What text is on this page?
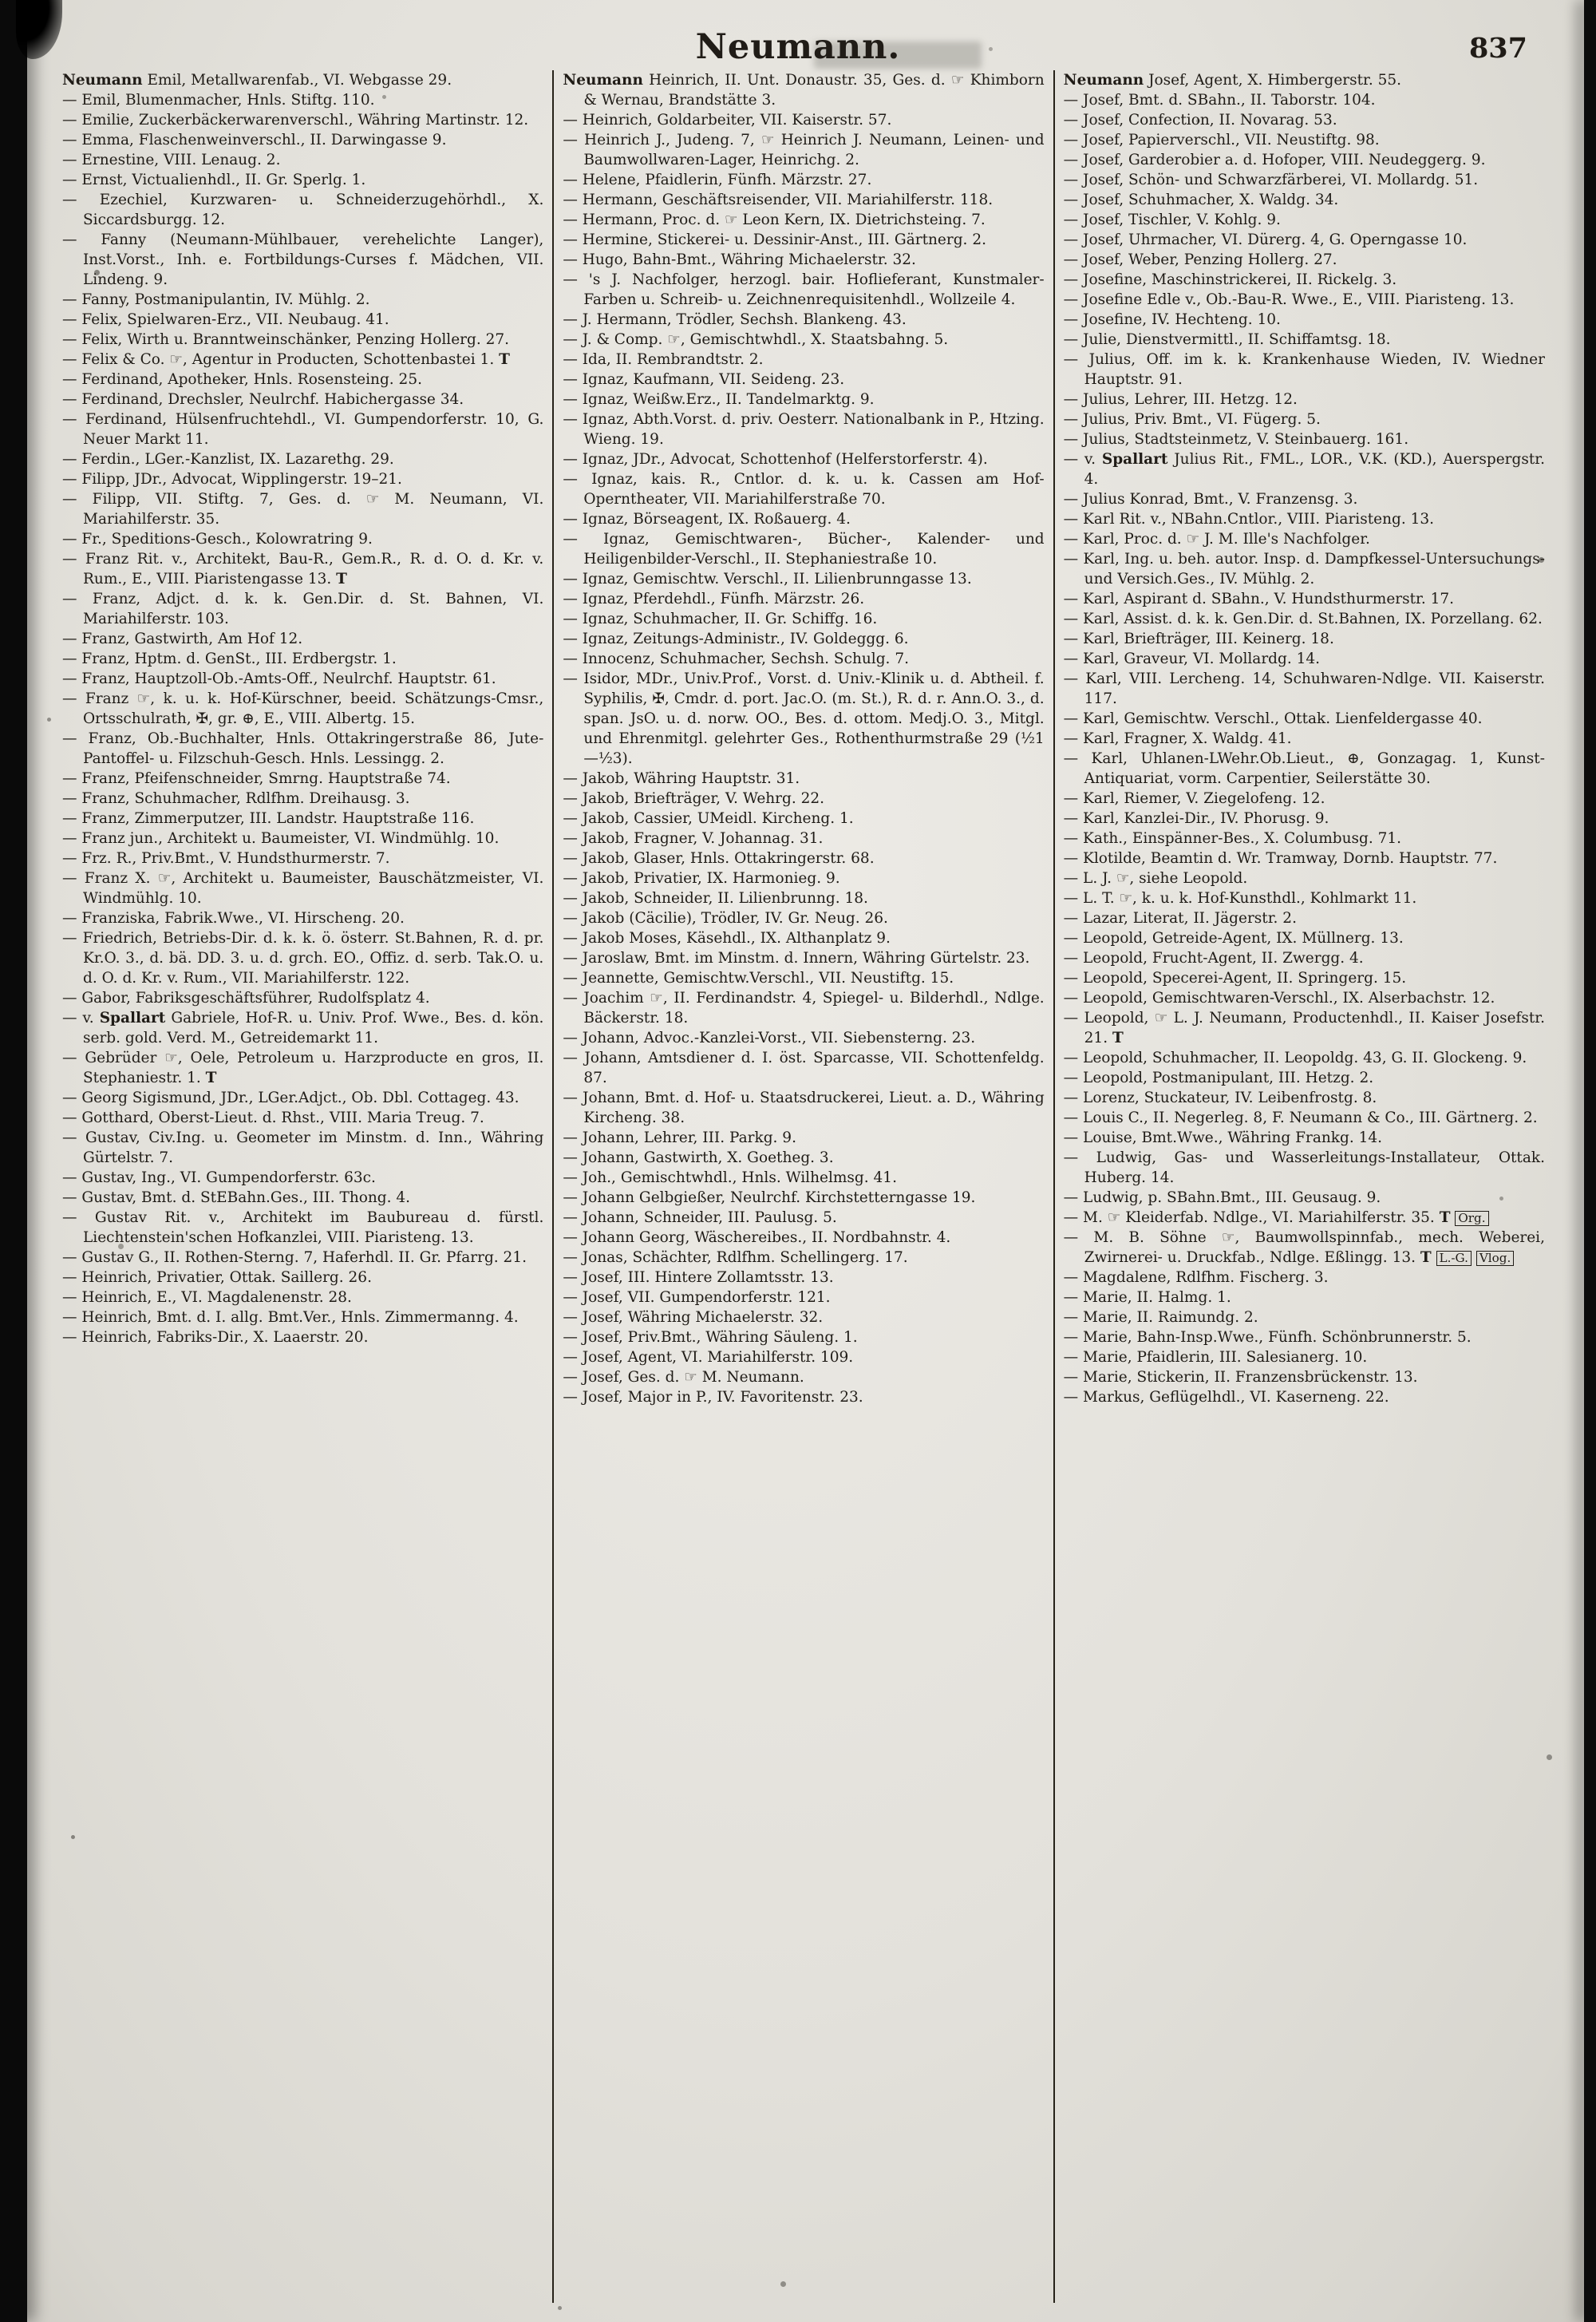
Neumann.	837

Neumann Emil, Metallwarenfab., VI. Webgasse 29.

— Emil, Blumenmacher, Hnls. Stiftg. 110.

— Emilie, Zuckerbäckerwarenverschl., Währing Martinstr. 12.

— Emma, Flaschenweinverschl., II. Darwingasse 9.

— Ernestine, VIII. Lenaug. 2.

— Ernst, Victualienhdl., II. Gr. Sperlg. 1.

— Ezechiel, Kurzwaren- u. Schneiderzugehörhdl., X. Siccardsburgg. 12.

— Fanny (Neumann-Mühlbauer, verehelichte Langer), Inst.Vorst., Inh. e. Fortbildungs-Curses f. Mädchen, VII. Lindeng. 9.

— Fanny, Postmanipulantin, IV. Mühlg. 2.

— Felix, Spielwaren-Erz., VII. Neubaug. 41.

— Felix, Wirth u. Branntweinschänker, Penzing Hollerg. 27.

— Felix & Co. ☞, Agentur in Producten, Schottenbastei 1. T

— Ferdinand, Apotheker, Hnls. Rosensteing. 25.

— Ferdinand, Drechsler, Neulrchf. Habichergasse 34.

— Ferdinand, Hülsenfruchtehdl., VI. Gumpendorferstr. 10, G. Neuer Markt 11.

— Ferdin., LGer.-Kanzlist, IX. Lazarethg. 29.

— Filipp, JDr., Advocat, Wipplingerstr. 19–21.

— Filipp, VII. Stiftg. 7, Ges. d. ☞ M. Neumann, VI. Mariahilferstr. 35.

— Fr., Speditions-Gesch., Kolowratring 9.

— Franz Rit. v., Architekt, Bau-R., Gem.R., R. d. O. d. Kr. v. Rum., E., VIII. Piaristengasse 13. T

— Franz, Adjct. d. k. k. Gen.Dir. d. St. Bahnen, VI. Mariahilferstr. 103.

— Franz, Gastwirth, Am Hof 12.

— Franz, Hptm. d. GenSt., III. Erdbergstr. 1.

— Franz, Hauptzoll-Ob.-Amts-Off., Neulrchf. Hauptstr. 61.

— Franz ☞, k. u. k. Hof-Kürschner, beeid. Schätzungs-Cmsr., Ortsschulrath, ✠, gr. ⊕, E., VIII. Albertg. 15.

— Franz, Ob.-Buchhalter, Hnls. Ottakringerstraße 86, Jute-Pantoffel- u. Filzschuh-Gesch. Hnls. Lessingg. 2.

— Franz, Pfeifenschneider, Smrng. Hauptstraße 74.

— Franz, Schuhmacher, Rdlfhm. Dreihausg. 3.

— Franz, Zimmerputzer, III. Landstr. Hauptstraße 116.

— Franz jun., Architekt u. Baumeister, VI. Windmühlg. 10.

— Frz. R., Priv.Bmt., V. Hundsthurmerstr. 7.

— Franz X. ☞, Architekt u. Baumeister, Bauschätzmeister, VI. Windmühlg. 10.

— Franziska, Fabrik.Wwe., VI. Hirscheng. 20.

— Friedrich, Betriebs-Dir. d. k. k. ö. österr. St.Bahnen, R. d. pr. Kr.O. 3., d. bä. DD. 3. u. d. grch. EO., Offiz. d. serb. Tak.O. u. d. O. d. Kr. v. Rum., VII. Mariahilferstr. 122.

— Gabor, Fabriksgeschäftsführer, Rudolfsplatz 4.

— v. Spallart Gabriele, Hof-R. u. Univ. Prof. Wwe., Bes. d. kön. serb. gold. Verd. M., Getreidemarkt 11.

— Gebrüder ☞, Oele, Petroleum u. Harzproducte en gros, II. Stephaniestr. 1. T

— Georg Sigismund, JDr., LGer.Adjct., Ob. Dbl. Cottageg. 43.

— Gotthard, Oberst-Lieut. d. Rhst., VIII. Maria Treug. 7.

— Gustav, Civ.Ing. u. Geometer im Minstm. d. Inn., Währing Gürtelstr. 7.

— Gustav, Ing., VI. Gumpendorferstr. 63c.

— Gustav, Bmt. d. StEBahn.Ges., III. Thong. 4.

— Gustav Rit. v., Architekt im Baubureau d. fürstl. Liechtenstein'schen Hofkanzlei, VIII. Piaristeng. 13.

— Gustav G., II. Rothen-Sterng. 7, Haferhdl. II. Gr. Pfarrg. 21.

— Heinrich, Privatier, Ottak. Saillerg. 26.

— Heinrich, E., VI. Magdalenenstr. 28.

— Heinrich, Bmt. d. I. allg. Bmt.Ver., Hnls. Zimmermanng. 4.

— Heinrich, Fabriks-Dir., X. Laaerstr. 20.

Neumann Heinrich, II. Unt. Donaustr. 35, Ges. d. ☞ Khimborn & Wernau, Brandstätte 3.

— Heinrich, Goldarbeiter, VII. Kaiserstr. 57.

— Heinrich J., Judeng. 7, ☞ Heinrich J. Neumann, Leinen- und Baumwollwaren-Lager, Heinrichg. 2.

— Helene, Pfaidlerin, Fünfh. Märzstr. 27.

— Hermann, Geschäftsreisender, VII. Mariahilferstr. 118.

— Hermann, Proc. d. ☞ Leon Kern, IX. Dietrichsteing. 7.

— Hermine, Stickerei- u. Dessinir-Anst., III. Gärtnerg. 2.

— Hugo, Bahn-Bmt., Währing Michaelerstr. 32.

— 's J. Nachfolger, herzogl. bair. Hoflieferant, Kunstmaler-Farben u. Schreib- u. Zeichnenrequisitenhdl., Wollzeile 4.

— J. Hermann, Trödler, Sechsh. Blankeng. 43.

— J. & Comp. ☞, Gemischtwhdl., X. Staatsbahng. 5.

— Ida, II. Rembrandtstr. 2.

— Ignaz, Kaufmann, VII. Seideng. 23.

— Ignaz, Weißw.Erz., II. Tandelmarktg. 9.

— Ignaz, Abth.Vorst. d. priv. Oesterr. Nationalbank in P., Htzing. Wieng. 19.

— Ignaz, JDr., Advocat, Schottenhof (Helferstorferstr. 4).

— Ignaz, kais. R., Cntlor. d. k. u. k. Cassen am Hof-Operntheater, VII. Mariahilferstraße 70.

— Ignaz, Börseagent, IX. Roßauerg. 4.

— Ignaz, Gemischtwaren-, Bücher-, Kalender- und Heiligenbilder-Verschl., II. Stephaniestraße 10.

— Ignaz, Gemischtw. Verschl., II. Lilienbrunngasse 13.

— Ignaz, Pferdehdl., Fünfh. Märzstr. 26.

— Ignaz, Schuhmacher, II. Gr. Schiffg. 16.

— Ignaz, Zeitungs-Administr., IV. Goldeggg. 6.

— Innocenz, Schuhmacher, Sechsh. Schulg. 7.

— Isidor, MDr., Univ.Prof., Vorst. d. Univ.-Klinik u. d. Abtheil. f. Syphilis, ✠, Cmdr. d. port. Jac.O. (m. St.), R. d. r. Ann.O. 3., d. span. JsO. u. d. norw. OO., Bes. d. ottom. Medj.O. 3., Mitgl. und Ehrenmitgl. gelehrter Ges., Rothenthurmstraße 29 (½1—½3).

— Jakob, Währing Hauptstr. 31.

— Jakob, Briefträger, V. Wehrg. 22.

— Jakob, Cassier, UMeidl. Kircheng. 1.

— Jakob, Fragner, V. Johannag. 31.

— Jakob, Glaser, Hnls. Ottakringerstr. 68.

— Jakob, Privatier, IX. Harmonieg. 9.

— Jakob, Schneider, II. Lilienbrunng. 18.

— Jakob (Cäcilie), Trödler, IV. Gr. Neug. 26.

— Jakob Moses, Käsehdl., IX. Althanplatz 9.

— Jaroslaw, Bmt. im Minstm. d. Innern, Währing Gürtelstr. 23.

— Jeannette, Gemischtw.Verschl., VII. Neustiftg. 15.

— Joachim ☞, II. Ferdinandstr. 4, Spiegel- u. Bilderhdl., Ndlge. Bäckerstr. 18.

— Johann, Advoc.-Kanzlei-Vorst., VII. Siebensterng. 23.

— Johann, Amtsdiener d. I. öst. Sparcasse, VII. Schottenfeldg. 87.

— Johann, Bmt. d. Hof- u. Staatsdruckerei, Lieut. a. D., Währing Kircheng. 38.

— Johann, Lehrer, III. Parkg. 9.

— Johann, Gastwirth, X. Goetheg. 3.

— Joh., Gemischtwhdl., Hnls. Wilhelmsg. 41.

— Johann Gelbgießer, Neulrchf. Kirchstetterngasse 19.

— Johann, Schneider, III. Paulusg. 5.

— Johann Georg, Wäschereibes., II. Nordbahnstr. 4.

— Jonas, Schächter, Rdlfhm. Schellingerg. 17.

— Josef, III. Hintere Zollamtsstr. 13.

— Josef, VII. Gumpendorferstr. 121.

— Josef, Währing Michaelerstr. 32.

— Josef, Priv.Bmt., Währing Säuleng. 1.

— Josef, Agent, VI. Mariahilferstr. 109.

— Josef, Ges. d. ☞ M. Neumann.

— Josef, Major in P., IV. Favoritenstr. 23.

Neumann Josef, Agent, X. Himbergerstr. 55.

— Josef, Bmt. d. SBahn., II. Taborstr. 104.

— Josef, Confection, II. Novarag. 53.

— Josef, Papierverschl., VII. Neustiftg. 98.

— Josef, Garderobier a. d. Hofoper, VIII. Neudeggerg. 9.

— Josef, Schön- und Schwarzfärberei, VI. Mollardg. 51.

— Josef, Schuhmacher, X. Waldg. 34.

— Josef, Tischler, V. Kohlg. 9.

— Josef, Uhrmacher, VI. Dürerg. 4, G. Operngasse 10.

— Josef, Weber, Penzing Hollerg. 27.

— Josefine, Maschinstrickerei, II. Rickelg. 3.

— Josefine Edle v., Ob.-Bau-R. Wwe., E., VIII. Piaristeng. 13.

— Josefine, IV. Hechteng. 10.

— Julie, Dienstvermittl., II. Schiffamtsg. 18.

— Julius, Off. im k. k. Krankenhause Wieden, IV. Wiedner Hauptstr. 91.

— Julius, Lehrer, III. Hetzg. 12.

— Julius, Priv. Bmt., VI. Fügerg. 5.

— Julius, Stadtsteinmetz, V. Steinbauerg. 161.

— v. Spallart Julius Rit., FML., LOR., V.K. (KD.), Auerspergstr. 4.

— Julius Konrad, Bmt., V. Franzensg. 3.

— Karl Rit. v., NBahn.Cntlor., VIII. Piaristeng. 13.

— Karl, Proc. d. ☞ J. M. Ille's Nachfolger.

— Karl, Ing. u. beh. autor. Insp. d. Dampfkessel-Untersuchungs- und Versich.Ges., IV. Mühlg. 2.

— Karl, Aspirant d. SBahn., V. Hundsthurmerstr. 17.

— Karl, Assist. d. k. k. Gen.Dir. d. St.Bahnen, IX. Porzellang. 62.

— Karl, Briefträger, III. Keinerg. 18.

— Karl, Graveur, VI. Mollardg. 14.

— Karl, VIII. Lercheng. 14, Schuhwaren-Ndlge. VII. Kaiserstr. 117.

— Karl, Gemischtw. Verschl., Ottak. Lienfeldergasse 40.

— Karl, Fragner, X. Waldg. 41.

— Karl, Uhlanen-LWehr.Ob.Lieut., ⊕, Gonzagag. 1, Kunst-Antiquariat, vorm. Carpentier, Seilerstätte 30.

— Karl, Riemer, V. Ziegelofeng. 12.

— Karl, Kanzlei-Dir., IV. Phorusg. 9.

— Kath., Einspänner-Bes., X. Columbusg. 71.

— Klotilde, Beamtin d. Wr. Tramway, Dornb. Hauptstr. 77.

— L. J. ☞, siehe Leopold.

— L. T. ☞, k. u. k. Hof-Kunsthdl., Kohlmarkt 11.

— Lazar, Literat, II. Jägerstr. 2.

— Leopold, Getreide-Agent, IX. Müllnerg. 13.

— Leopold, Frucht-Agent, II. Zwergg. 4.

— Leopold, Specerei-Agent, II. Springerg. 15.

— Leopold, Gemischtwaren-Verschl., IX. Alserbachstr. 12.

— Leopold, ☞ L. J. Neumann, Productenhdl., II. Kaiser Josefstr. 21. T

— Leopold, Schuhmacher, II. Leopoldg. 43, G. II. Glockeng. 9.

— Leopold, Postmanipulant, III. Hetzg. 2.

— Lorenz, Stuckateur, IV. Leibenfrostg. 8.

— Louis C., II. Negerleg. 8, F. Neumann & Co., III. Gärtnerg. 2.

— Louise, Bmt.Wwe., Währing Frankg. 14.

— Ludwig, Gas- und Wasserleitungs-Installateur, Ottak. Huberg. 14.

— Ludwig, p. SBahn.Bmt., III. Geusaug. 9.

— M. ☞ Kleiderfab. Ndlge., VI. Mariahilferstr. 35. T Org.

— M. B. Söhne ☞, Baumwollspinnfab., mech. Weberei, Zwirnerei- u. Druckfab., Ndlge. Eßlingg. 13. T L.-G. Vlog.

— Magdalene, Rdlfhm. Fischerg. 3.

— Marie, II. Halmg. 1.

— Marie, II. Raimundg. 2.

— Marie, Bahn-Insp.Wwe., Fünfh. Schönbrunnerstr. 5.

— Marie, Pfaidlerin, III. Salesianerg. 10.

— Marie, Stickerin, II. Franzensbrückenstr. 13.

— Markus, Geflügelhdl., VI. Kaserneng. 22.
